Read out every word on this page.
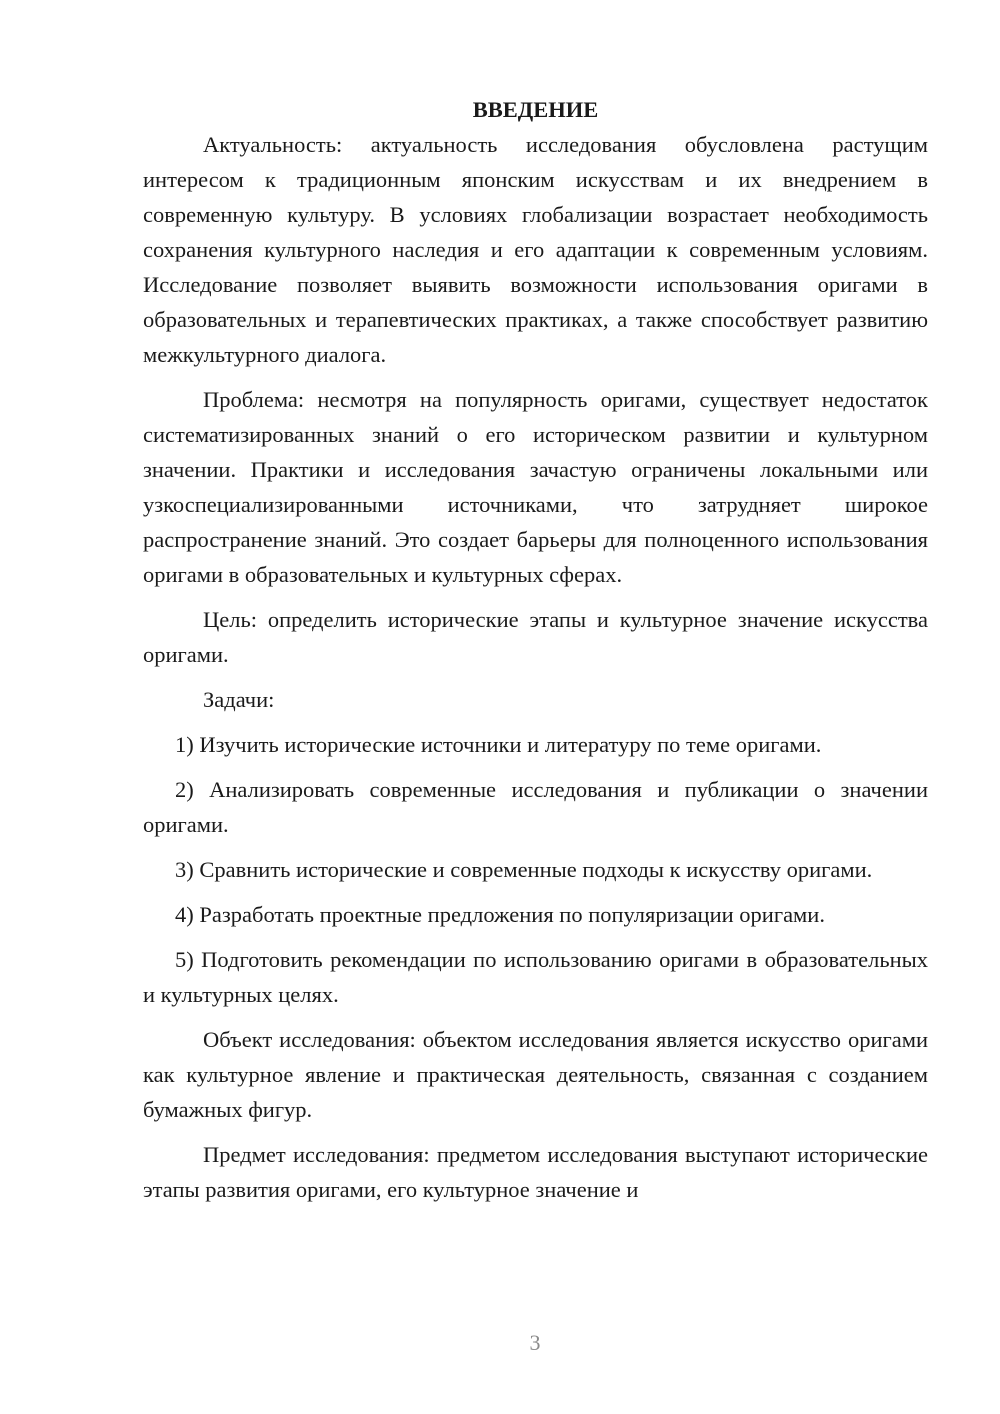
ВВЕДЕНИЕ

Актуальность: актуальность исследования обусловлена растущим интересом к традиционным японским искусствам и их внедрением в современную культуру. В условиях глобализации возрастает необходимость сохранения культурного наследия и его адаптации к современным условиям. Исследование позволяет выявить возможности использования оригами в образовательных и терапевтических практиках, а также способствует развитию межкультурного диалога.

Проблема: несмотря на популярность оригами, существует недостаток систематизированных знаний о его историческом развитии и культурном значении. Практики и исследования зачастую ограничены локальными или узкоспециализированными источниками, что затрудняет широкое распространение знаний. Это создает барьеры для полноценного использования оригами в образовательных и культурных сферах.

Цель: определить исторические этапы и культурное значение искусства оригами.

Задачи:

1) Изучить исторические источники и литературу по теме оригами.

2) Анализировать современные исследования и публикации о значении оригами.

3) Сравнить исторические и современные подходы к искусству оригами.

4) Разработать проектные предложения по популяризации оригами.

5) Подготовить рекомендации по использованию оригами в образовательных и культурных целях.

Объект исследования: объектом исследования является искусство оригами как культурное явление и практическая деятельность, связанная с созданием бумажных фигур.

Предмет исследования: предметом исследования выступают исторические этапы развития оригами, его культурное значение и

3
